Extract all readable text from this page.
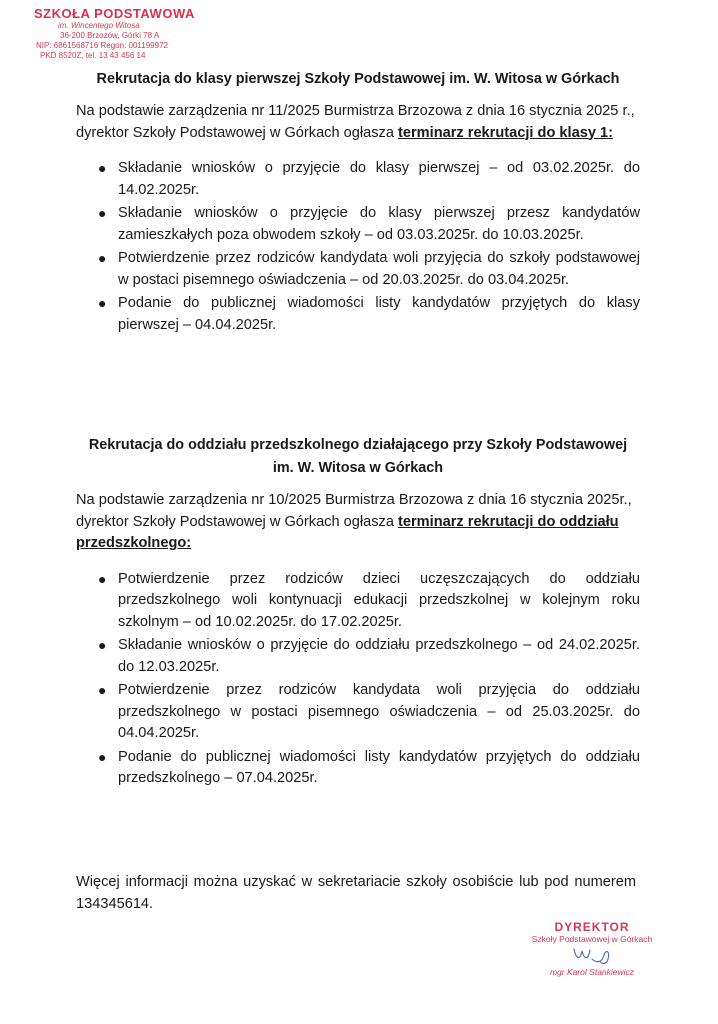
SZKOŁA PODSTAWOWA
im. Wincentego Witosa
36-200 Brzozów, Górki 78 A
NIP: 6861568716 Regon: 001199972
PKD 8520Z, tel. 13 43 456 14
Rekrutacja do klasy pierwszej Szkoły Podstawowej im. W. Witosa w Górkach

Na podstawie zarządzenia nr 11/2025 Burmistrza Brzozowa z dnia 16 stycznia 2025 r., dyrektor Szkoły Podstawowej w Górkach ogłasza terminarz rekrutacji do klasy 1:

● Składanie wniosków o przyjęcie do klasy pierwszej – od 03.02.2025r. do 14.02.2025r.
● Składanie wniosków o przyjęcie do klasy pierwszej przesz kandydatów zamieszkałych poza obwodem szkoły – od 03.03.2025r. do 10.03.2025r.
● Potwierdzenie przez rodziców kandydata woli przyjęcia do szkoły podstawowej w postaci pisemnego oświadczenia – od 20.03.2025r. do 03.04.2025r.
● Podanie do publicznej wiadomości listy kandydatów przyjętych do klasy pierwszej – 04.04.2025r.
Rekrutacja do oddziału przedszkolnego działającego przy Szkoły Podstawowej
im. W. Witosa w Górkach

Na podstawie zarządzenia nr 10/2025 Burmistrza Brzozowa z dnia 16 stycznia 2025r., dyrektor Szkoły Podstawowej w Górkach ogłasza terminarz rekrutacji do oddziału przedszkolnego:

● Potwierdzenie przez rodziców dzieci uczęszczających do oddziału przedszkolnego woli kontynuacji edukacji przedszkolnej w kolejnym roku szkolnym – od 10.02.2025r. do 17.02.2025r.
● Składanie wniosków o przyjęcie do oddziału przedszkolnego – od 24.02.2025r. do 12.03.2025r.
● Potwierdzenie przez rodziców kandydata woli przyjęcia do oddziału przedszkolnego w postaci pisemnego oświadczenia – od 25.03.2025r. do 04.04.2025r.
● Podanie do publicznej wiadomości listy kandydatów przyjętych do oddziału przedszkolnego – 07.04.2025r.
Więcej informacji można uzyskać w sekretariacie szkoły osobiście lub pod numerem 134345614.
DYREKTOR
Szkoły Podstawowej w Górkach
mgr Karol Stankiewicz
